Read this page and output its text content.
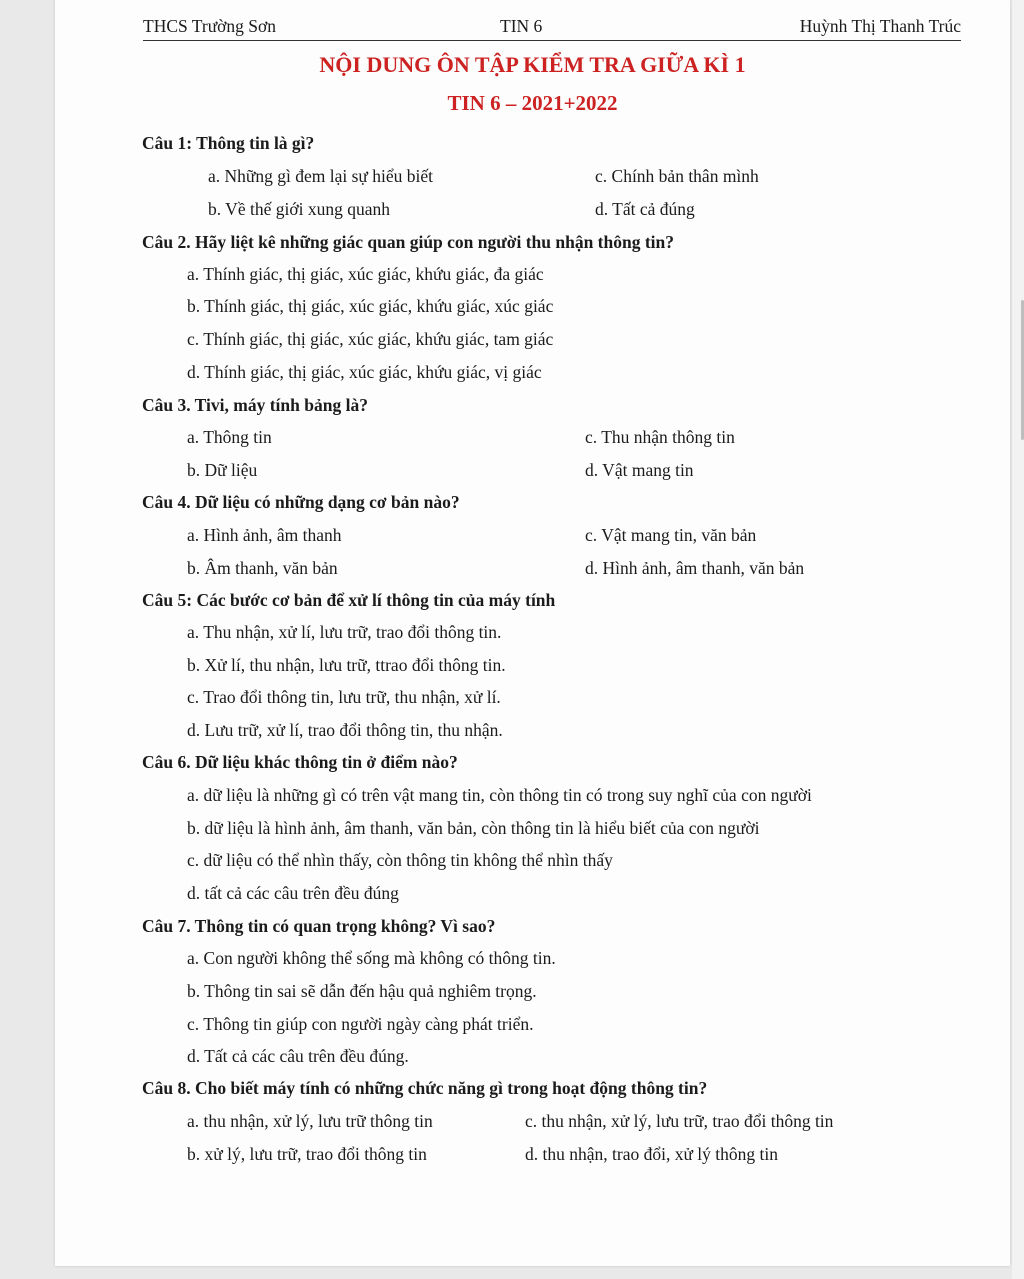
THCS Trường Sơn	TIN 6	Huỳnh Thị Thanh Trúc
NỘI DUNG ÔN TẬP KIỂM TRA GIỮA KÌ 1
TIN 6 – 2021+2022
Câu 1: Thông tin là gì?
a. Những gì đem lại sự hiểu biết	c. Chính bản thân mình
b. Về thế giới xung quanh	d. Tất cả đúng
Câu 2. Hãy liệt kê những giác quan giúp con người thu nhận thông tin?
a. Thính giác, thị giác, xúc giác, khứu giác, đa giác
b. Thính giác, thị giác, xúc giác, khứu giác, xúc giác
c. Thính giác, thị giác, xúc giác, khứu giác, tam giác
d. Thính giác, thị giác, xúc giác, khứu giác, vị giác
Câu 3. Tivi, máy tính bảng là?
a. Thông tin	c. Thu nhận thông tin
b. Dữ liệu	d. Vật mang tin
Câu 4. Dữ liệu có những dạng cơ bản nào?
a. Hình ảnh, âm thanh	c. Vật mang tin, văn bản
b. Âm thanh, văn bản	d. Hình ảnh, âm thanh, văn bản
Câu 5: Các bước cơ bản để xử lí thông tin của máy tính
a. Thu nhận, xử lí, lưu trữ, trao đổi thông tin.
b. Xử lí, thu nhận, lưu trữ, ttrao đổi thông tin.
c. Trao đổi thông tin, lưu trữ, thu nhận, xử lí.
d. Lưu trữ, xử lí, trao đổi thông tin, thu nhận.
Câu 6. Dữ liệu khác thông tin ở điểm nào?
a. dữ liệu là những gì có trên vật mang tin, còn thông tin có trong suy nghĩ của con người
b. dữ liệu là hình ảnh, âm thanh, văn bản, còn thông tin là hiểu biết của con người
c. dữ liệu có thể nhìn thấy, còn thông tin không thể nhìn thấy
d. tất cả các câu trên đều đúng
Câu 7. Thông tin có quan trọng không? Vì sao?
a. Con người không thể sống mà không có thông tin.
b. Thông tin sai sẽ dẫn đến hậu quả nghiêm trọng.
c. Thông tin giúp con người ngày càng phát triển.
d. Tất cả các câu trên đều đúng.
Câu 8. Cho biết máy tính có những chức năng gì trong hoạt động thông tin?
a. thu nhận, xử lý, lưu trữ thông tin	c. thu nhận, xử lý, lưu trữ, trao đổi thông tin
b. xử lý, lưu trữ, trao đổi thông tin	d. thu nhận, trao đổi, xử lý thông tin
